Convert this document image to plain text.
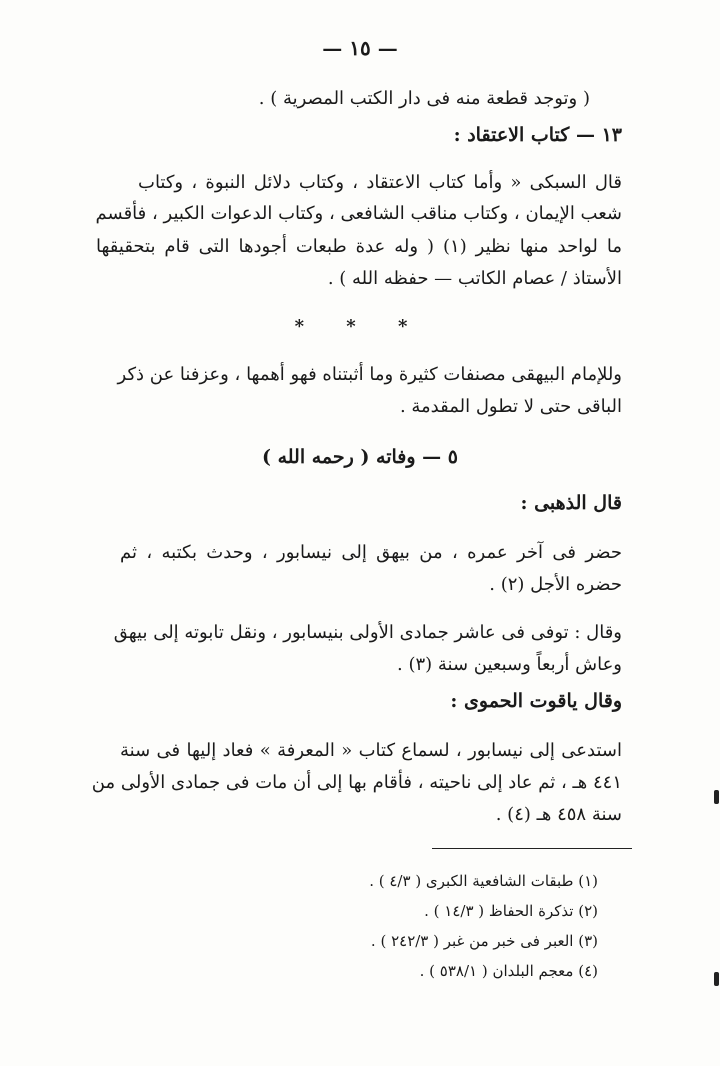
— ١٥ —
( وتوجد قطعة منه فى دار الكتب المصرية ) .
١٣ — كتاب الاعتقاد :
قال السبكى « وأما كتاب الاعتقاد ، وكتاب دلائل النبوة ، وكتاب
شعب الإيمان ، وكتاب مناقب الشافعى ، وكتاب الدعوات الكبير ، فأقسم
ما لواحد منها نظير (١) ( وله عدة طبعات أجودها التى قام بتحقيقها
الأستاذ / عصام الكاتب — حفظه الله ) .
* * *
وللإمام البيهقى مصنفات كثيرة وما أثبتناه فهو أهمها ، وعزفنا عن ذكر
الباقى حتى لا تطول المقدمة .
٥ — وفاته ( رحمه الله )
قال الذهبى :
حضر فى آخر عمره ، من بيهق إلى نيسابور ، وحدث بكتبه ، ثم
حضره الأجل (٢) .
وقال : توفى فى عاشر جمادى الأولى بنيسابور ، ونقل تابوته إلى بيهق
وعاش أربعاً وسبعين سنة (٣) .
وقال ياقوت الحموى :
استدعى إلى نيسابور ، لسماع كتاب « المعرفة » فعاد إليها فى سنة
٤٤١ هـ ، ثم عاد إلى ناحيته ، فأقام بها إلى أن مات فى جمادى الأولى من
سنة ٤٥٨ هـ (٤) .
(١) طبقات الشافعية الكبرى ( ٤/٣ ) .
(٢) تذكرة الحفاظ ( ١٤/٣ ) .
(٣) العبر فى خبر من غبر ( ٢٤٢/٣ ) .
(٤) معجم البلدان ( ٥٣٨/١ ) .
